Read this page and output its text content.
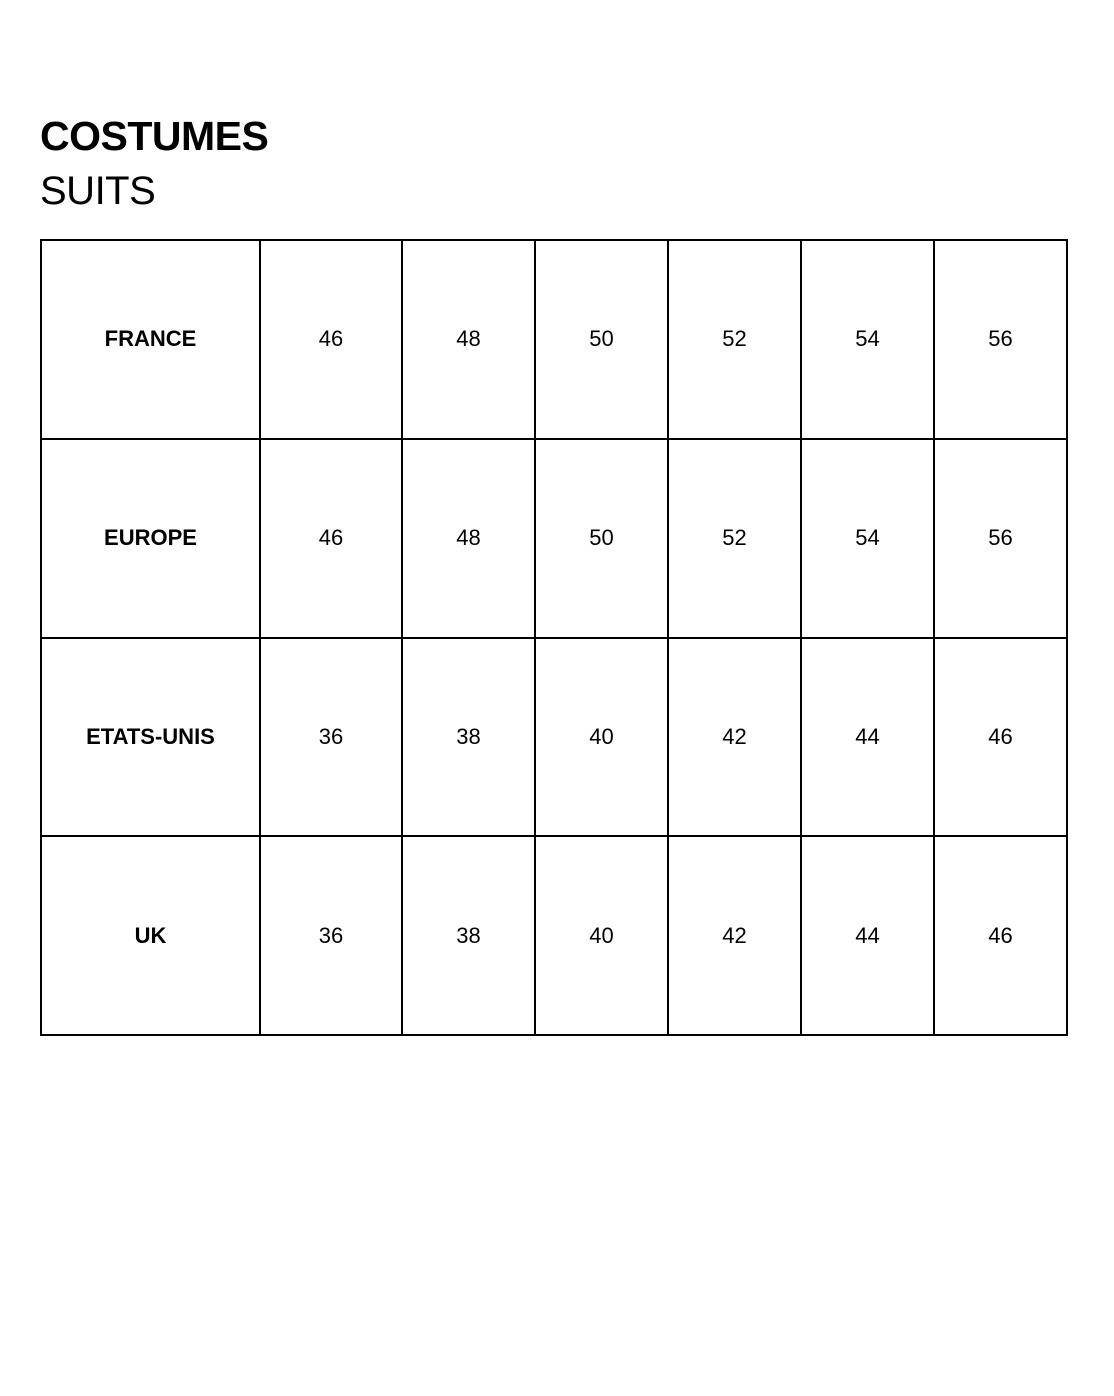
COSTUMES
SUITS
FRANCE	46	48	50	52	54	56
EUROPE	46	48	50	52	54	56
ETATS-UNIS	36	38	40	42	44	46
UK	36	38	40	42	44	46
